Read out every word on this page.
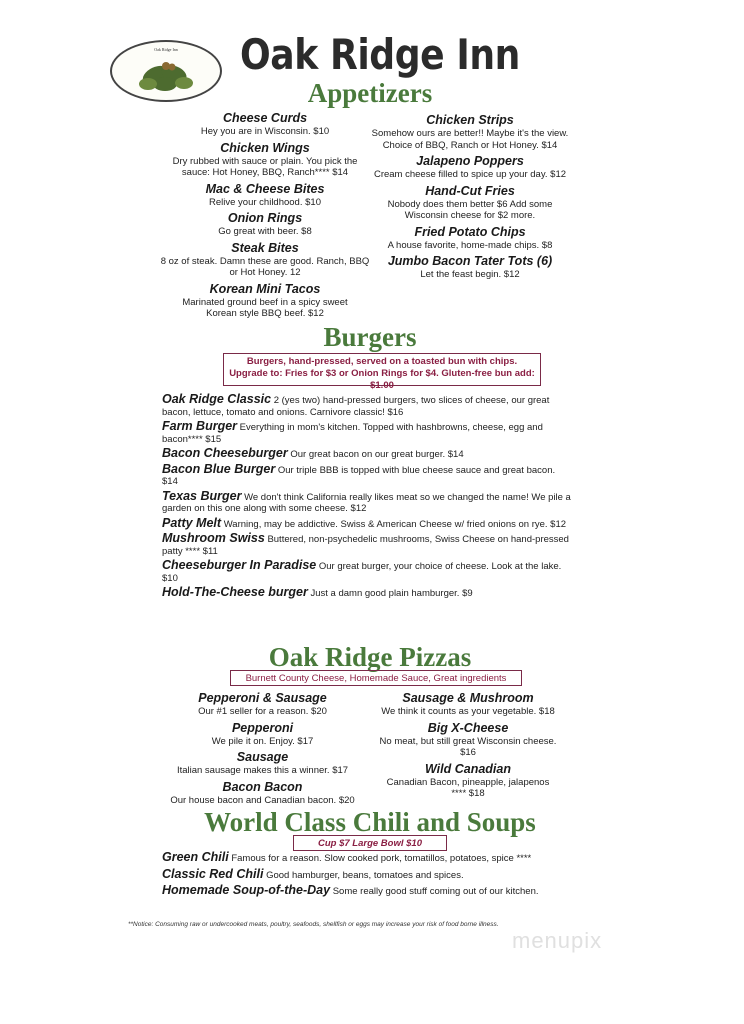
Oak Ridge Inn	Oak Ridge Inn
Appetizers
Cheese Curds
Hey you are in Wisconsin. $10
Chicken Wings
Dry rubbed with sauce or plain. You pick the sauce: Hot Honey, BBQ, Ranch**** $14
Mac & Cheese Bites
Relive your childhood. $10
Onion Rings
Go great with beer. $8
Steak Bites
8 oz of steak. Damn these are good. Ranch, BBQ or Hot Honey. 12
Korean Mini Tacos
Marinated ground beef in a spicy sweet Korean style BBQ beef. $12
Chicken Strips
Somehow ours are better!! Maybe it's the view. Choice of BBQ, Ranch or Hot Honey. $14
Jalapeno Poppers
Cream cheese filled to spice up your day. $12
Hand-Cut Fries
Nobody does them better $6 Add some Wisconsin cheese for $2 more.
Fried Potato Chips
A house favorite, home-made chips. $8
Jumbo Bacon Tater Tots (6)
Let the feast begin. $12
Burgers
Burgers, hand-pressed, served on a toasted bun with chips. Upgrade to: Fries for $3 or Onion Rings for $4. Gluten-free bun add: $1.00
Oak Ridge Classic 2 (yes two) hand-pressed burgers, two slices of cheese, our great bacon, lettuce, tomato and onions. Carnivore classic! $16
Farm Burger Everything in mom's kitchen. Topped with hashbrowns, cheese, egg and bacon**** $15
Bacon Cheeseburger Our great bacon on our great burger. $14
Bacon Blue Burger Our triple BBB is topped with blue cheese sauce and great bacon. $14
Texas Burger We don't think California really likes meat so we changed the name! We pile a garden on this one along with some cheese. $12
Patty Melt Warning, may be addictive. Swiss & American Cheese w/ fried onions on rye. $12
Mushroom Swiss Buttered, non-psychedelic mushrooms, Swiss Cheese on hand-pressed patty **** $11
Cheeseburger In Paradise Our great burger, your choice of cheese. Look at the lake. $10
Hold-The-Cheese burger Just a damn good plain hamburger. $9
Oak Ridge Pizzas
Burnett County Cheese, Homemade Sauce, Great ingredients
Pepperoni & Sausage
Our #1 seller for a reason. $20
Pepperoni
We pile it on. Enjoy. $17
Sausage
Italian sausage makes this a winner. $17
Bacon Bacon
Our house bacon and Canadian bacon. $20
Sausage & Mushroom
We think it counts as your vegetable. $18
Big X-Cheese
No meat, but still great Wisconsin cheese. $16
Wild Canadian
Canadian Bacon, pineapple, jalapenos **** $18
World Class Chili and Soups
Cup $7 Large Bowl $10
Green Chili Famous for a reason. Slow cooked pork, tomatillos, potatoes, spice ****
Classic Red Chili Good hamburger, beans, tomatoes and spices.
Homemade Soup-of-the-Day Some really good stuff coming out of our kitchen.
**Notice: Consuming raw or undercooked meats, poultry, seafoods, shellfish or eggs may increase your risk of food borne illness.
menupix
